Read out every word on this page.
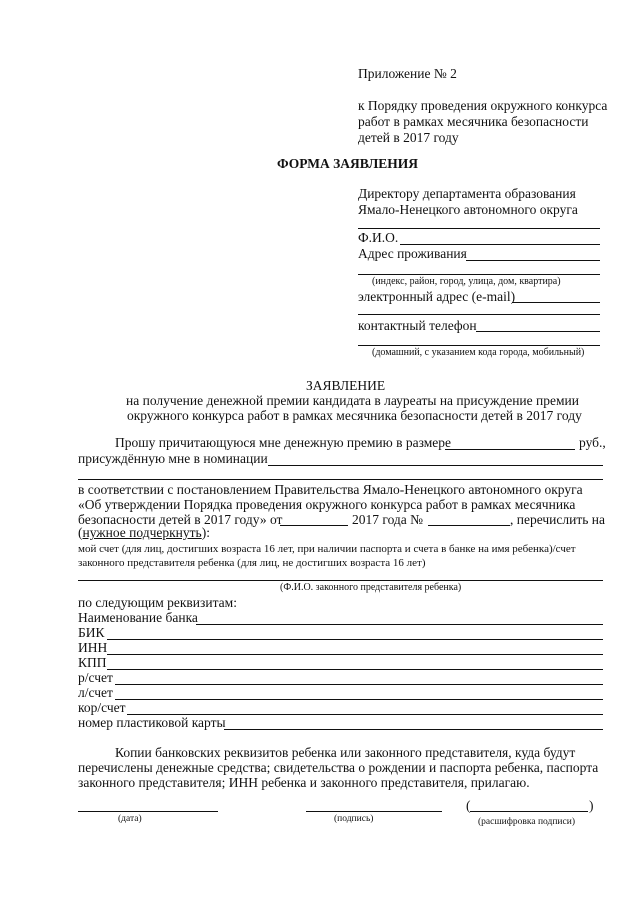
Приложение № 2
к Порядку проведения окружного конкурса
работ в рамках месячника безопасности
детей в 2017 году
ФОРМА ЗАЯВЛЕНИЯ
Директору департамента образования
Ямало-Ненецкого автономного округа
Ф.И.О.
Адрес проживания
(индекс, район, город, улица, дом, квартира)
электронный адрес (e-mail)
контактный телефон
(домашний, с указанием кода города, мобильный)
ЗАЯВЛЕНИЕ
на получение денежной премии кандидата в лауреаты на присуждение премии
окружного конкурса работ в рамках месячника безопасности детей в 2017 году
Прошу причитающуюся мне денежную премию в размере	руб.,
присуждённую мне в номинации
в соответствии с постановлением Правительства Ямало-Ненецкого автономного округа
«Об утверждении Порядка проведения окружного конкурса работ в рамках месячника
безопасности детей в 2017 году» от	2017 года №	, перечислить на
(нужное подчеркнуть):
мой счет (для лиц, достигших возраста 16 лет, при наличии паспорта и счета в банке на имя ребенка)/счет
законного представителя ребенка (для лиц, не достигших возраста 16 лет)
(Ф.И.О. законного представителя ребенка)
по следующим реквизитам:
Наименование банка
БИК
ИНН
КПП
р/счет
л/счет
кор/счет
номер пластиковой карты
Копии банковских реквизитов ребенка или законного представителя, куда будут
перечислены денежные средства; свидетельства о рождении и паспорта ребенка, паспорта
законного представителя; ИНН ребенка и законного представителя, прилагаю.
(дата)	(подпись)
(	)
(расшифровка подписи)
